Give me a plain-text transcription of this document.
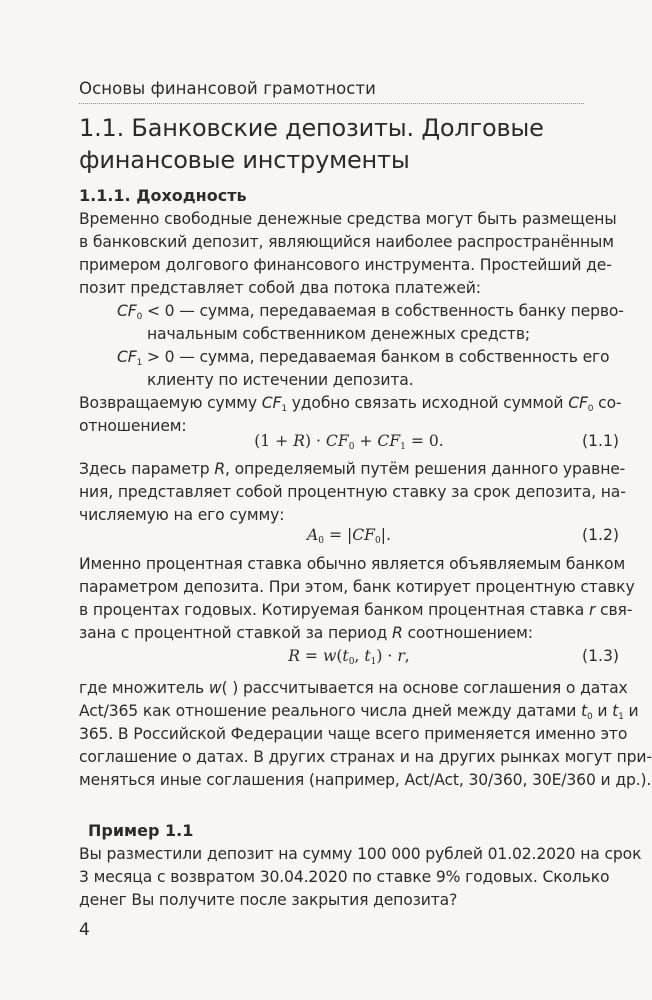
Основы финансовой грамотности
1.1. Банковские депозиты. Долговые
финансовые инструменты
1.1.1. Доходность
Временно свободные денежные средства могут быть размещены
в банковский депозит, являющийся наиболее распространённым
примером долгового финансового инструмента. Простейший де-
позит представляет собой два потока платежей:
$CF_0 < 0$ — сумма, передаваемая в собственность банку перво-
начальным собственником денежных средств;
$CF_1 > 0$ — сумма, передаваемая банком в собственность его
клиенту по истечении депозита.
Возвращаемую сумму $CF_1$ удобно связать исходной суммой $CF_0$ со-
отношением:
$(1 + R) \cdot CF_0 + CF_1 = 0$.	(1.1)
Здесь параметр R, определяемый путём решения данного уравне-
ния, представляет собой процентную ставку за срок депозита, на-
числяемую на его сумму:
$A_0 = |CF_0|$.	(1.2)
Именно процентная ставка обычно является объявляемым банком
параметром депозита. При этом, банк котирует процентную ставку
в процентах годовых. Котируемая банком процентная ставка r свя-
зана с процентной ставкой за период R соотношением:
$R = w(t_0$, $t_1) \cdot r$,	(1.3)
где множитель w( ) рассчитывается на основе соглашения о датах
Act/365 как отношение реального числа дней между датами $t_0$ и $t_1$ и
365. В Российской Федерации чаще всего применяется именно это
соглашение о датах. В других странах и на других рынках могут при-
меняться иные соглашения (например, Act/Act, 30/360, 30E/360 и др.).
Пример 1.1
Вы разместили депозит на сумму 100 000 рублей 01.02.2020 на срок
3 месяца с возвратом 30.04.2020 по ставке 9% годовых. Сколько
денег Вы получите после закрытия депозита?
4
